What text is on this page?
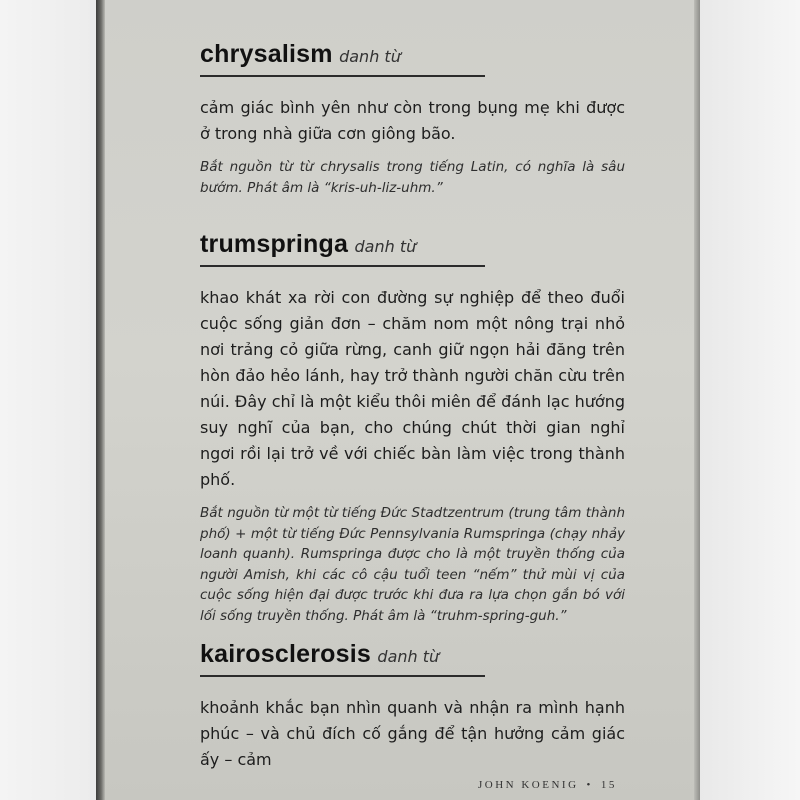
chrysalism danh từ
cảm giác bình yên như còn trong bụng mẹ khi được ở trong nhà giữa cơn giông bão.
Bắt nguồn từ từ chrysalis trong tiếng Latin, có nghĩa là sâu bướm. Phát âm là “kris-uh-liz-uhm.”
trumspringa danh từ
khao khát xa rời con đường sự nghiệp để theo đuổi cuộc sống giản đơn – chăm nom một nông trại nhỏ nơi trảng cỏ giữa rừng, canh giữ ngọn hải đăng trên hòn đảo hẻo lánh, hay trở thành người chăn cừu trên núi. Đây chỉ là một kiểu thôi miên để đánh lạc hướng suy nghĩ của bạn, cho chúng chút thời gian nghỉ ngơi rồi lại trở về với chiếc bàn làm việc trong thành phố.
Bắt nguồn từ một từ tiếng Đức Stadtzentrum (trung tâm thành phố) + một từ tiếng Đức Pennsylvania Rumspringa (chạy nhảy loanh quanh). Rumspringa được cho là một truyền thống của người Amish, khi các cô cậu tuổi teen “nếm” thử mùi vị của cuộc sống hiện đại được trước khi đưa ra lựa chọn gắn bó với lối sống truyền thống. Phát âm là “truhm-spring-guh.”
kairosclerosis danh từ
khoảnh khắc bạn nhìn quanh và nhận ra mình hạnh phúc – và chủ đích cố gắng để tận hưởng cảm giác ấy – cảm
JOHN KOENIG • 15
